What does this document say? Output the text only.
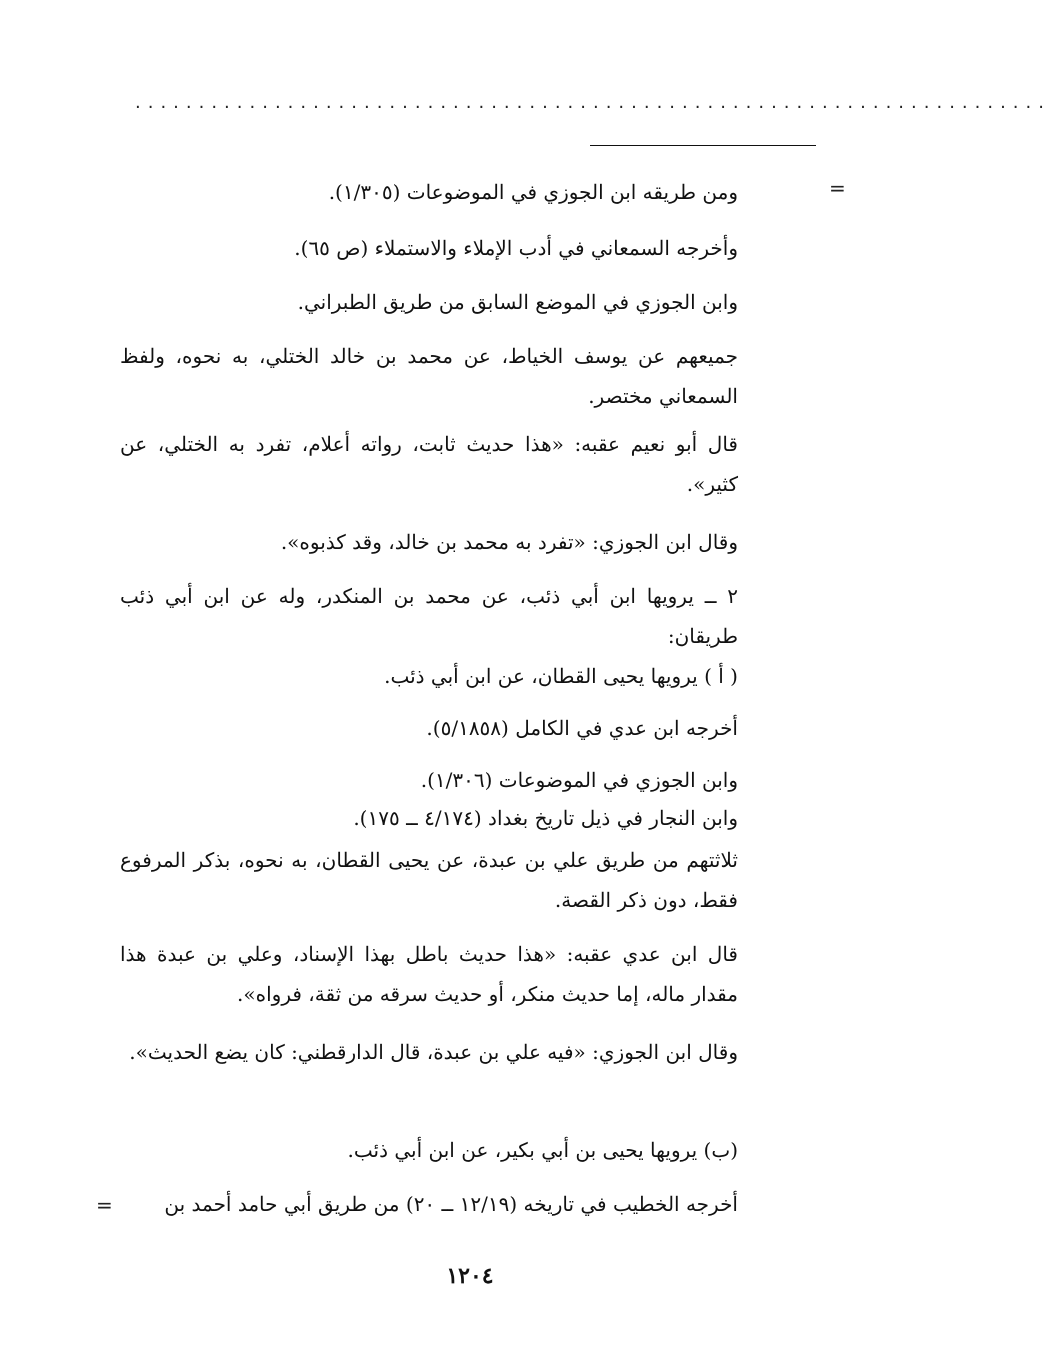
........................................................................
=
=

ومن طريقه ابن الجوزي في الموضوعات (١/٣٠٥).

وأخرجه السمعاني في أدب الإملاء والاستملاء (ص ٦٥).

وابن الجوزي في الموضع السابق من طريق الطبراني.

جميعهم عن يوسف الخياط، عن محمد بن خالد الختلي، به نحوه، ولفظ السمعاني مختصر.

قال أبو نعيم عقبه: «هذا حديث ثابت، رواته أعلام، تفرد به الختلي، عن كثير».

وقال ابن الجوزي: «تفرد به محمد بن خالد، وقد كذبوه».

٢ ــ يرويها ابن أبي ذئب، عن محمد بن المنكدر، وله عن ابن أبي ذئب طريقان:

( أ ) يرويها يحيى القطان، عن ابن أبي ذئب.

أخرجه ابن عدي في الكامل (٥/١٨٥٨).

وابن الجوزي في الموضوعات (١/٣٠٦).

وابن النجار في ذيل تاريخ بغداد (٤/١٧٤ ــ ١٧٥).

ثلاثتهم من طريق علي بن عبدة، عن يحيى القطان، به نحوه، بذكر المرفوع فقط، دون ذكر القصة.

قال ابن عدي عقبه: «هذا حديث باطل بهذا الإسناد، وعلي بن عبدة هذا مقدار ماله، إما حديث منكر، أو حديث سرقه من ثقة، فرواه».

وقال ابن الجوزي: «فيه علي بن عبدة، قال الدارقطني: كان يضع الحديث».

(ب) يرويها يحيى بن أبي بكير، عن ابن أبي ذئب.

أخرجه الخطيب في تاريخه (١٢/١٩ ــ ٢٠) من طريق أبي حامد أحمد بن

١٢٠٤
